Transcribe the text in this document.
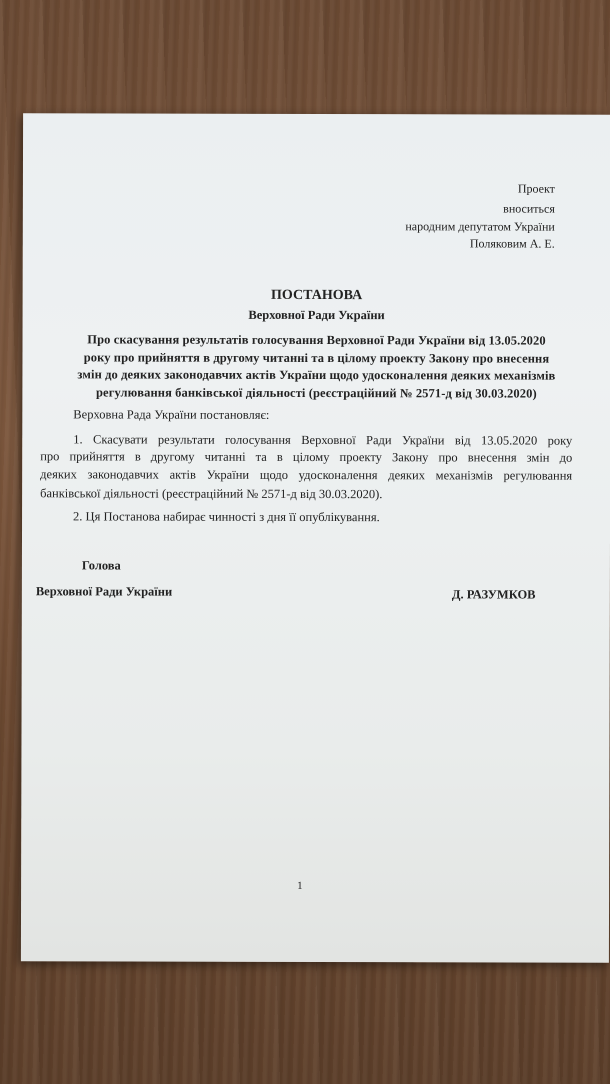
Проект
вноситься
народним депутатом України
Поляковим А. Е.
ПОСТАНОВА
Верховної Ради України
Про скасування результатів голосування Верховної Ради України від 13.05.2020
року про прийняття в другому читанні та в цілому проекту Закону про внесення
змін до деяких законодавчих актів України щодо удосконалення деяких механізмів
регулювання банківської діяльності (реєстраційний № 2571-д від 30.03.2020)
Верховна Рада України постановляє:
1. Скасувати результати голосування Верховної Ради України від 13.05.2020 року
про прийняття в другому читанні та в цілому проекту Закону про внесення змін до
деяких законодавчих актів України щодо удосконалення деяких механізмів регулювання
банківської діяльності (реєстраційний № 2571-д від 30.03.2020).
2. Ця Постанова набирає чинності з дня її опублікування.
Голова
Верховної Ради України	Д. РАЗУМКОВ
1
